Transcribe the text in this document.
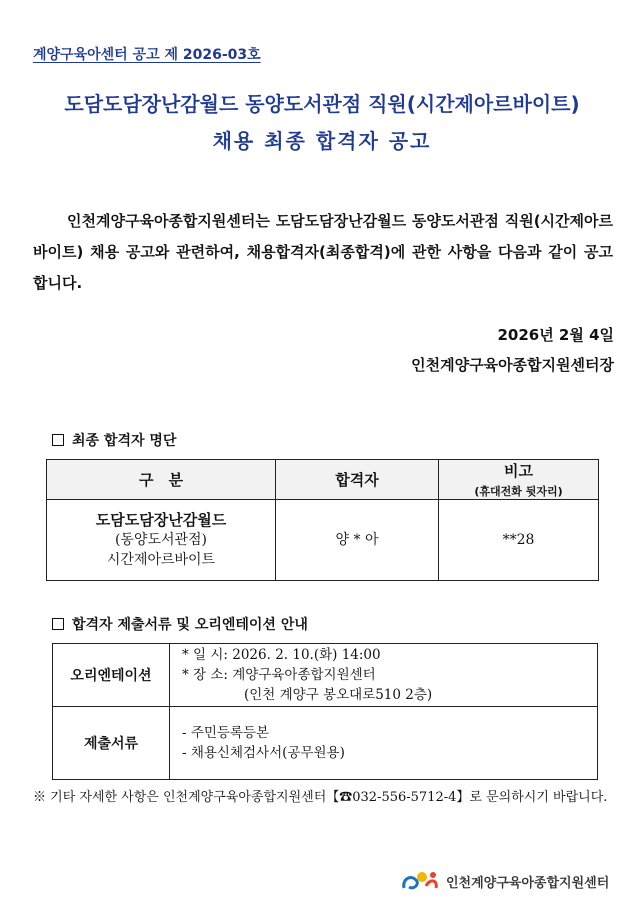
계양구육아센터 공고 제 2026-03호
도담도담장난감월드 동양도서관점 직원(시간제아르바이트)
채용 최종 합격자 공고
인천계양구육아종합지원센터는 도담도담장난감월드 동양도서관점 직원(시간제아르바이트) 채용 공고와 관련하여, 채용합격자(최종합격)에 관한 사항을 다음과 같이 공고합니다.
2026년 2월 4일
인천계양구육아종합지원센터장
최종 합격자 명단
구　분	합격자	비고
(휴대전화 뒷자리)

도담도담장난감월드
(동양도서관점)
시간제아르바이트	양 * 아	**28
합격자 제출서류 및 오리엔테이션 안내
오리엔테이션	* 일 시: 2026. 2. 10.(화) 14:00
* 장 소: 계양구육아종합지원센터
(인천 계양구 봉오대로510 2층)

제출서류	- 주민등록등본
- 채용신체검사서(공무원용)
※ 기타 자세한 사항은 인천계양구육아종합지원센터【☎032-556-5712-4】로 문의하시기 바랍니다.
인천계양구육아종합지원센터
